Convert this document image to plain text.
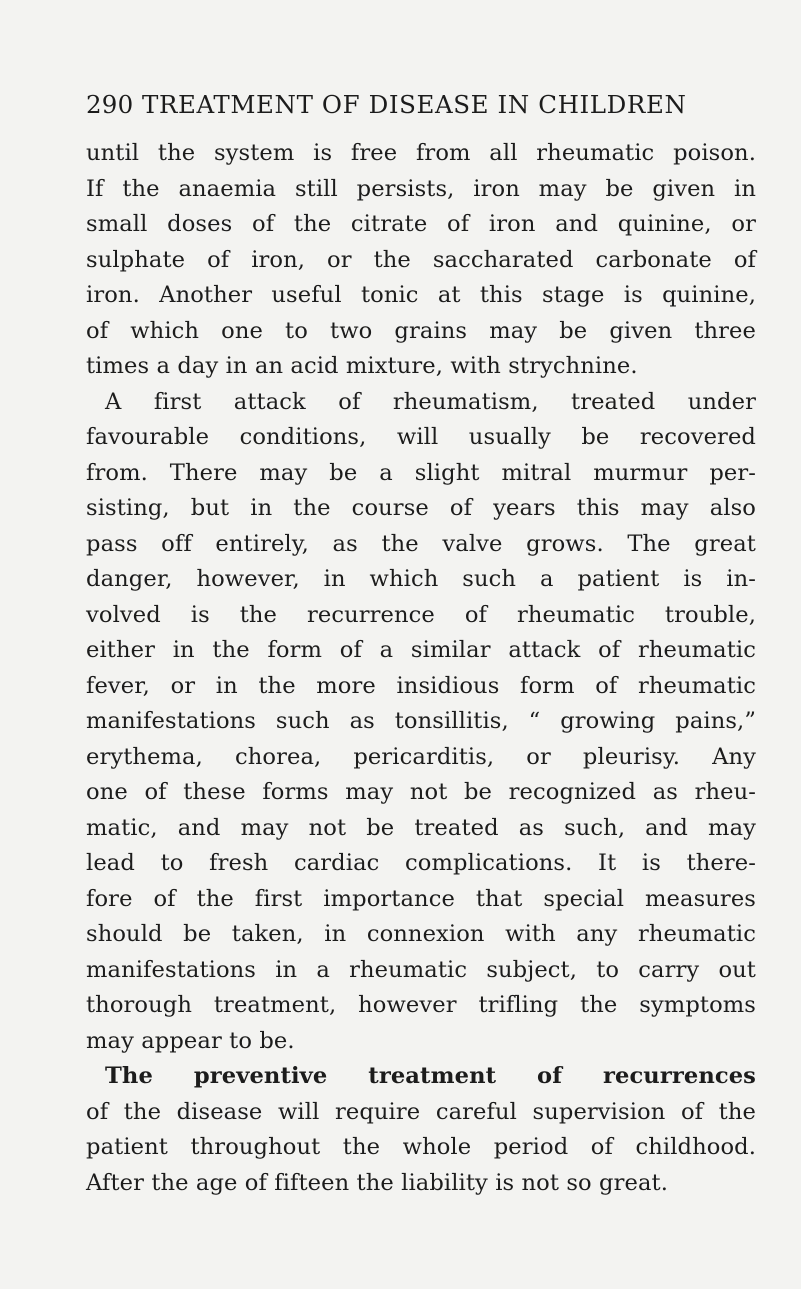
290 TREATMENT OF DISEASE IN CHILDREN
until the system is free from all rheumatic poison.
If the anaemia still persists, iron may be given in
small doses of the citrate of iron and quinine, or
sulphate of iron, or the saccharated carbonate of
iron. Another useful tonic at this stage is quinine,
of which one to two grains may be given three
times a day in an acid mixture, with strychnine.
A first attack of rheumatism, treated under
favourable conditions, will usually be recovered
from. There may be a slight mitral murmur per-
sisting, but in the course of years this may also
pass off entirely, as the valve grows. The great
danger, however, in which such a patient is in-
volved is the recurrence of rheumatic trouble,
either in the form of a similar attack of rheumatic
fever, or in the more insidious form of rheumatic
manifestations such as tonsillitis, “ growing pains,”
erythema, chorea, pericarditis, or pleurisy. Any
one of these forms may not be recognized as rheu-
matic, and may not be treated as such, and may
lead to fresh cardiac complications. It is there-
fore of the first importance that special measures
should be taken, in connexion with any rheumatic
manifestations in a rheumatic subject, to carry out
thorough treatment, however trifling the symptoms
may appear to be.
The preventive treatment of recurrences
of the disease will require careful supervision of the
patient throughout the whole period of childhood.
After the age of fifteen the liability is not so great.
